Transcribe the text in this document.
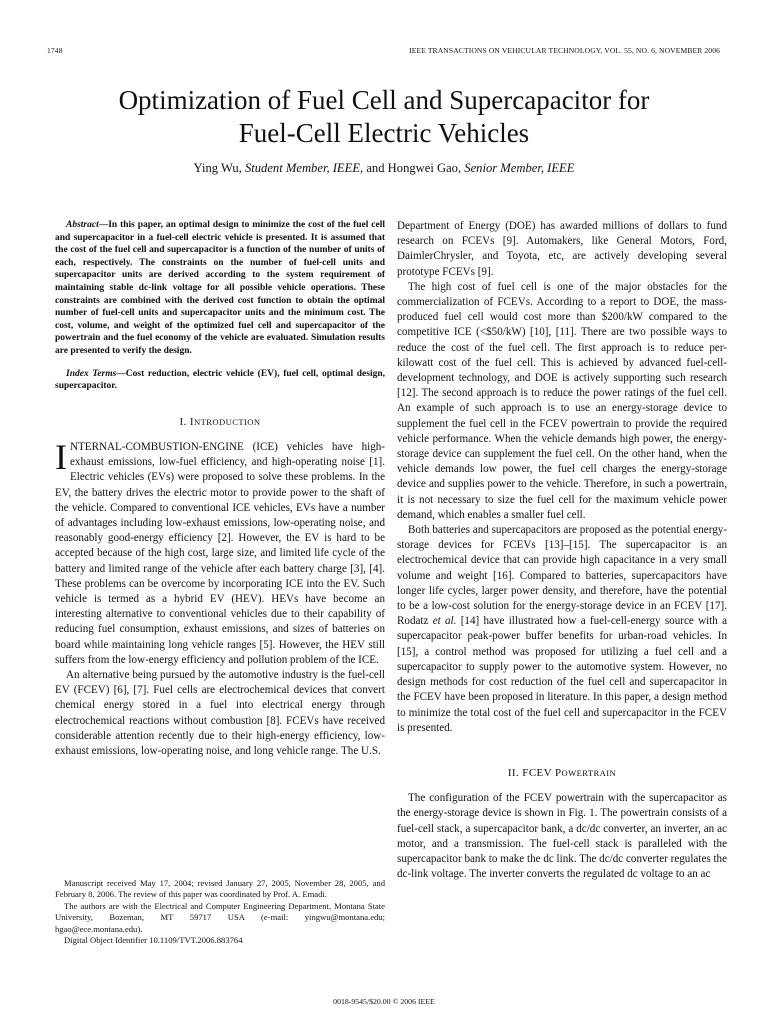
1748	IEEE TRANSACTIONS ON VEHICULAR TECHNOLOGY, VOL. 55, NO. 6, NOVEMBER 2006
Optimization of Fuel Cell and Supercapacitor for
Fuel-Cell Electric Vehicles

Ying Wu, Student Member, IEEE, and Hongwei Gao, Senior Member, IEEE

Abstract—In this paper, an optimal design to minimize the cost of the fuel cell and supercapacitor in a fuel-cell electric vehicle is presented. It is assumed that the cost of the fuel cell and supercapacitor is a function of the number of units of each, respectively. The constraints on the number of fuel-cell units and supercapacitor units are derived according to the system requirement of maintaining stable dc-link voltage for all possible vehicle operations. These constraints are combined with the derived cost function to obtain the optimal number of fuel-cell units and supercapacitor units and the minimum cost. The cost, volume, and weight of the optimized fuel cell and supercapacitor of the powertrain and the fuel economy of the vehicle are evaluated. Simulation results are presented to verify the design.

Index Terms—Cost reduction, electric vehicle (EV), fuel cell, optimal design, supercapacitor.

I. INTRODUCTION

INTERNAL-COMBUSTION-ENGINE (ICE) vehicles have high-exhaust emissions, low-fuel efficiency, and high-operating noise [1]. Electric vehicles (EVs) were proposed to solve these problems. In the EV, the battery drives the electric motor to provide power to the shaft of the vehicle. Compared to conventional ICE vehicles, EVs have a number of advantages including low-exhaust emissions, low-operating noise, and reasonably good-energy efficiency [2]. However, the EV is hard to be accepted because of the high cost, large size, and limited life cycle of the battery and limited range of the vehicle after each battery charge [3], [4]. These problems can be overcome by incorporating ICE into the EV. Such vehicle is termed as a hybrid EV (HEV). HEVs have become an interesting alternative to conventional vehicles due to their capability of reducing fuel consumption, exhaust emissions, and sizes of batteries on board while maintaining long vehicle ranges [5]. However, the HEV still suffers from the low-energy efficiency and pollution problem of the ICE.

An alternative being pursued by the automotive industry is the fuel-cell EV (FCEV) [6], [7]. Fuel cells are electrochemical devices that convert chemical energy stored in a fuel into electrical energy through electrochemical reactions without combustion [8]. FCEVs have received considerable attention recently due to their high-energy efficiency, low-exhaust emissions, low-operating noise, and long vehicle range. The U.S.

Manuscript received May 17, 2004; revised January 27, 2005, November 28, 2005, and February 8, 2006. The review of this paper was coordinated by Prof. A. Emadi.

The authors are with the Electrical and Computer Engineering Department, Montana State University, Bozeman, MT 59717 USA (e-mail: yingwu@montana.edu; hgao@ece.montana.edu).

Digital Object Identifier 10.1109/TVT.2006.883764

Department of Energy (DOE) has awarded millions of dollars to fund research on FCEVs [9]. Automakers, like General Motors, Ford, DaimlerChrysler, and Toyota, etc, are actively developing several prototype FCEVs [9].

The high cost of fuel cell is one of the major obstacles for the commercialization of FCEVs. According to a report to DOE, the mass-produced fuel cell would cost more than $200/kW compared to the competitive ICE (<$50/kW) [10], [11]. There are two possible ways to reduce the cost of the fuel cell. The first approach is to reduce per-kilowatt cost of the fuel cell. This is achieved by advanced fuel-cell-development technology, and DOE is actively supporting such research [12]. The second approach is to reduce the power ratings of the fuel cell. An example of such approach is to use an energy-storage device to supplement the fuel cell in the FCEV powertrain to provide the required vehicle performance. When the vehicle demands high power, the energy-storage device can supplement the fuel cell. On the other hand, when the vehicle demands low power, the fuel cell charges the energy-storage device and supplies power to the vehicle. Therefore, in such a powertrain, it is not necessary to size the fuel cell for the maximum vehicle power demand, which enables a smaller fuel cell.

Both batteries and supercapacitors are proposed as the potential energy-storage devices for FCEVs [13]–[15]. The supercapacitor is an electrochemical device that can provide high capacitance in a very small volume and weight [16]. Compared to batteries, supercapacitors have longer life cycles, larger power density, and therefore, have the potential to be a low-cost solution for the energy-storage device in an FCEV [17]. Rodatz et al. [14] have illustrated how a fuel-cell-energy source with a supercapacitor peak-power buffer benefits for urban-road vehicles. In [15], a control method was proposed for utilizing a fuel cell and a supercapacitor to supply power to the automotive system. However, no design methods for cost reduction of the fuel cell and supercapacitor in the FCEV have been proposed in literature. In this paper, a design method to minimize the total cost of the fuel cell and supercapacitor in the FCEV is presented.

II. FCEV POWERTRAIN

The configuration of the FCEV powertrain with the supercapacitor as the energy-storage device is shown in Fig. 1. The powertrain consists of a fuel-cell stack, a supercapacitor bank, a dc/dc converter, an inverter, an ac motor, and a transmission. The fuel-cell stack is paralleled with the supercapacitor bank to make the dc link. The dc/dc converter regulates the dc-link voltage. The inverter converts the regulated dc voltage to an ac

0018-9545/$20.00 © 2006 IEEE
